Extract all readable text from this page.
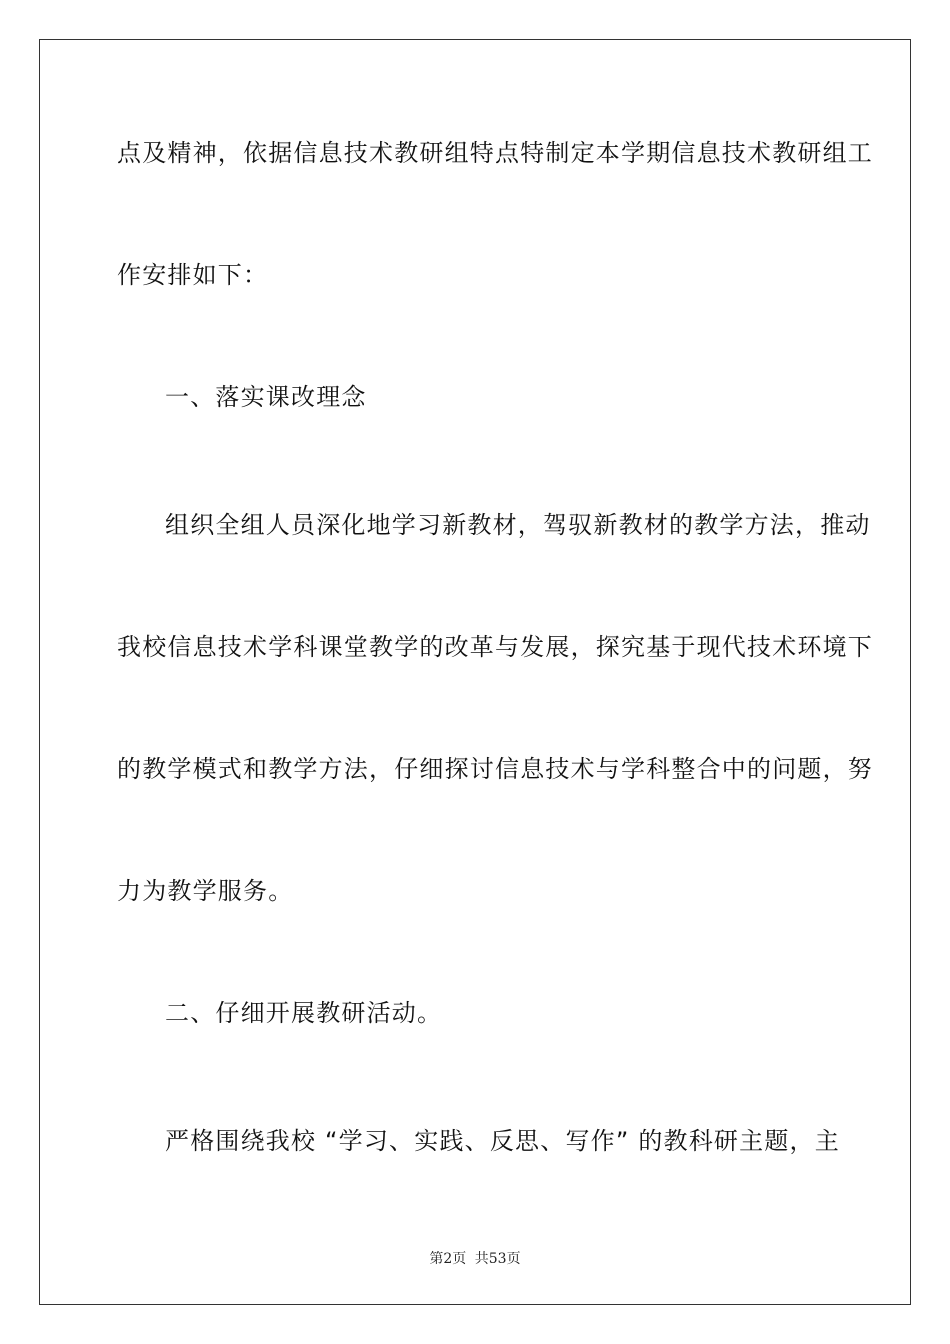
点及精神，依据信息技术教研组特点特制定本学期信息技术教研组工
作安排如下：
一、落实课改理念
组织全组人员深化地学习新教材，驾驭新教材的教学方法，推动
我校信息技术学科课堂教学的改革与发展，探究基于现代技术环境下
的教学模式和教学方法，仔细探讨信息技术与学科整合中的问题，努
力为教学服务。
二、仔细开展教研活动。
严格围绕我校 “学习、实践、反思、写作” 的教科研主题，主
第2页 共53页
